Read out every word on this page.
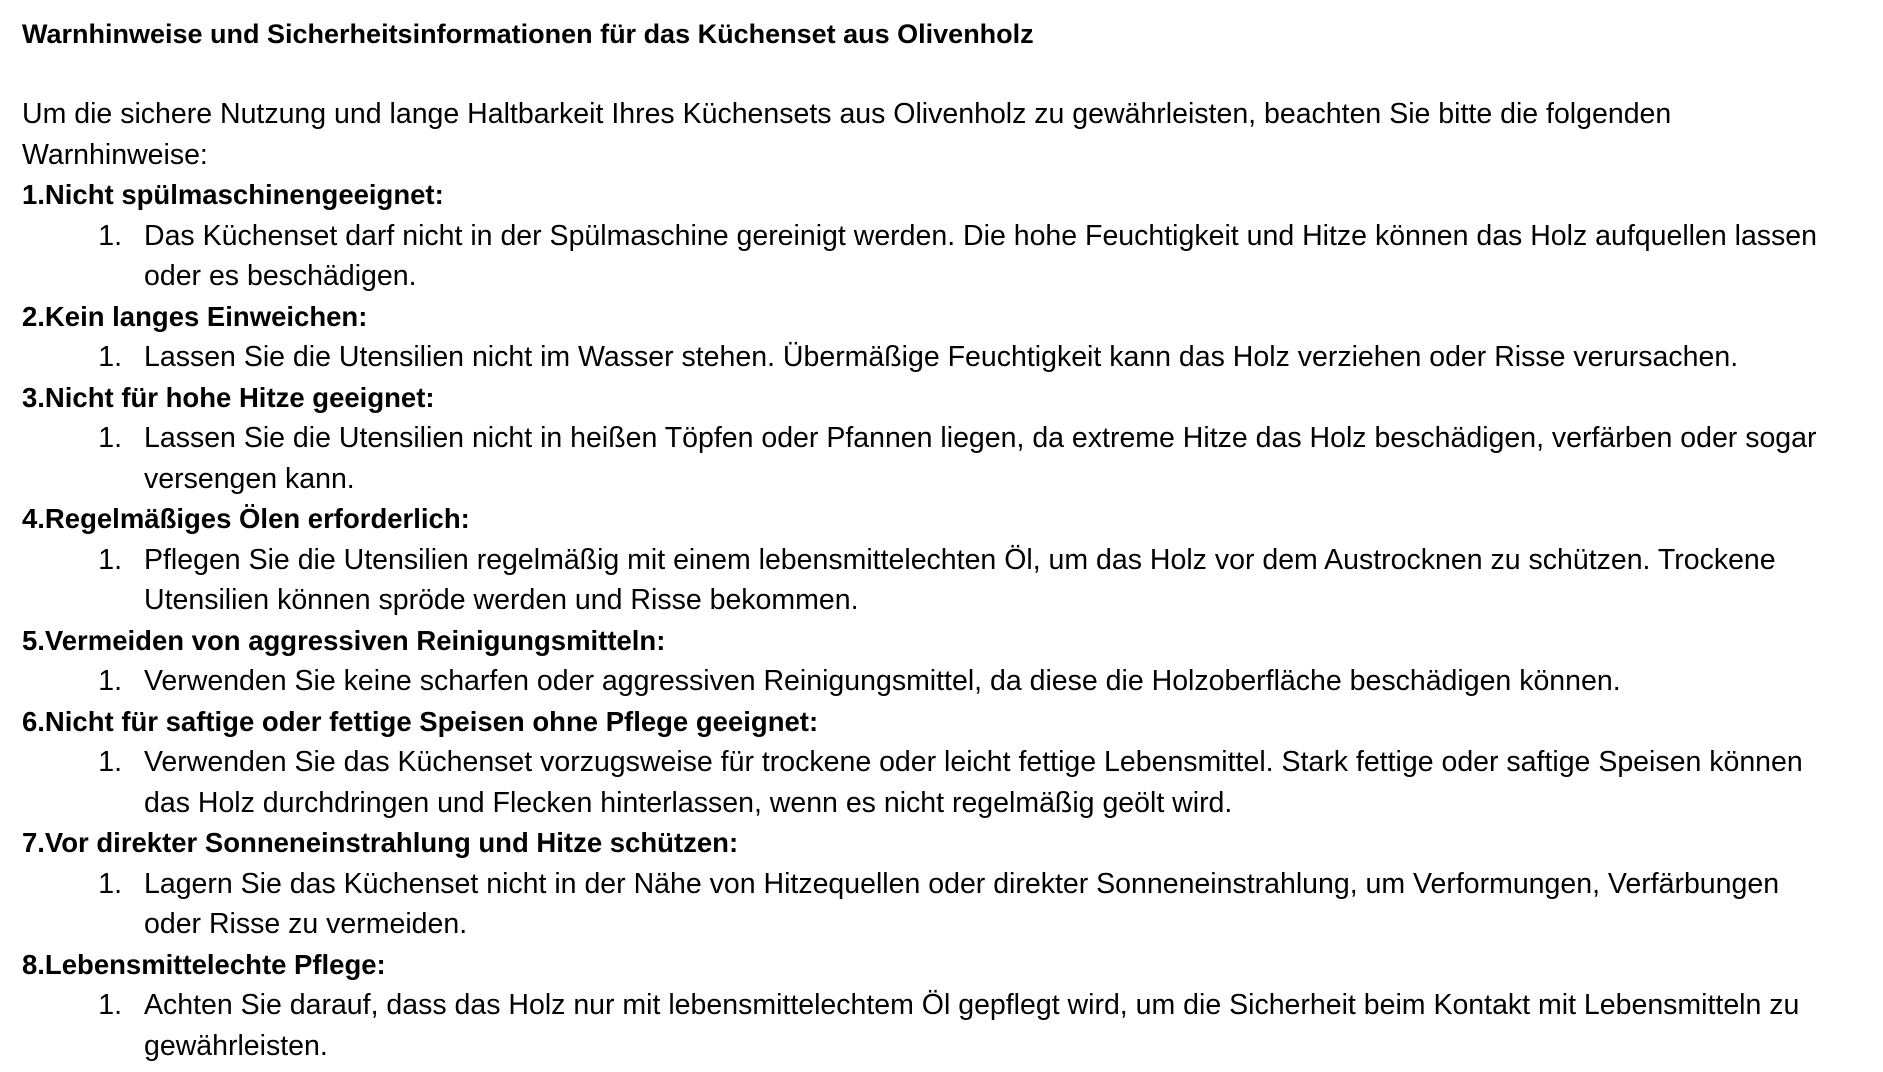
Warnhinweise und Sicherheitsinformationen für das Küchenset aus Olivenholz

Um die sichere Nutzung und lange Haltbarkeit Ihres Küchensets aus Olivenholz zu gewährleisten, beachten Sie bitte die folgenden Warnhinweise:

1.Nicht spülmaschinengeeignet:

1. Das Küchenset darf nicht in der Spülmaschine gereinigt werden. Die hohe Feuchtigkeit und Hitze können das Holz aufquellen lassen oder es beschädigen.

2.Kein langes Einweichen:

1. Lassen Sie die Utensilien nicht im Wasser stehen. Übermäßige Feuchtigkeit kann das Holz verziehen oder Risse verursachen.

3.Nicht für hohe Hitze geeignet:

1. Lassen Sie die Utensilien nicht in heißen Töpfen oder Pfannen liegen, da extreme Hitze das Holz beschädigen, verfärben oder sogar versengen kann.

4.Regelmäßiges Ölen erforderlich:

1. Pflegen Sie die Utensilien regelmäßig mit einem lebensmittelechten Öl, um das Holz vor dem Austrocknen zu schützen. Trockene Utensilien können spröde werden und Risse bekommen.

5.Vermeiden von aggressiven Reinigungsmitteln:

1. Verwenden Sie keine scharfen oder aggressiven Reinigungsmittel, da diese die Holzoberfläche beschädigen können.

6.Nicht für saftige oder fettige Speisen ohne Pflege geeignet:

1. Verwenden Sie das Küchenset vorzugsweise für trockene oder leicht fettige Lebensmittel. Stark fettige oder saftige Speisen können das Holz durchdringen und Flecken hinterlassen, wenn es nicht regelmäßig geölt wird.

7.Vor direkter Sonneneinstrahlung und Hitze schützen:

1. Lagern Sie das Küchenset nicht in der Nähe von Hitzequellen oder direkter Sonneneinstrahlung, um Verformungen, Verfärbungen oder Risse zu vermeiden.

8.Lebensmittelechte Pflege:

1. Achten Sie darauf, dass das Holz nur mit lebensmittelechtem Öl gepflegt wird, um die Sicherheit beim Kontakt mit Lebensmitteln zu gewährleisten.
